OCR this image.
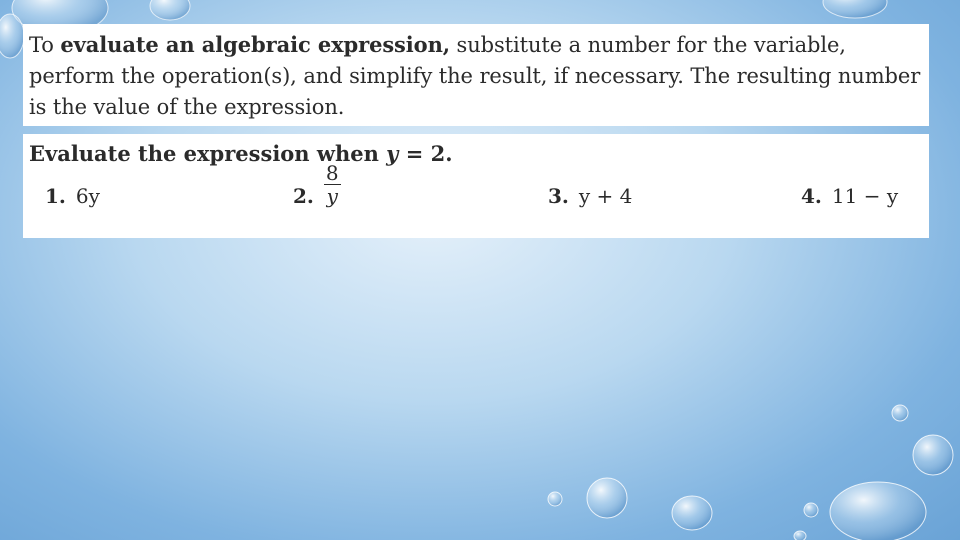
To evaluate an algebraic expression, substitute a number for the variable, perform the operation(s), and simplify the result, if necessary. The resulting number is the value of the expression.
Evaluate the expression when y = 2.
1. 6y	2. $\frac{8}{y}$	3. y + 4	4. 11 − y
